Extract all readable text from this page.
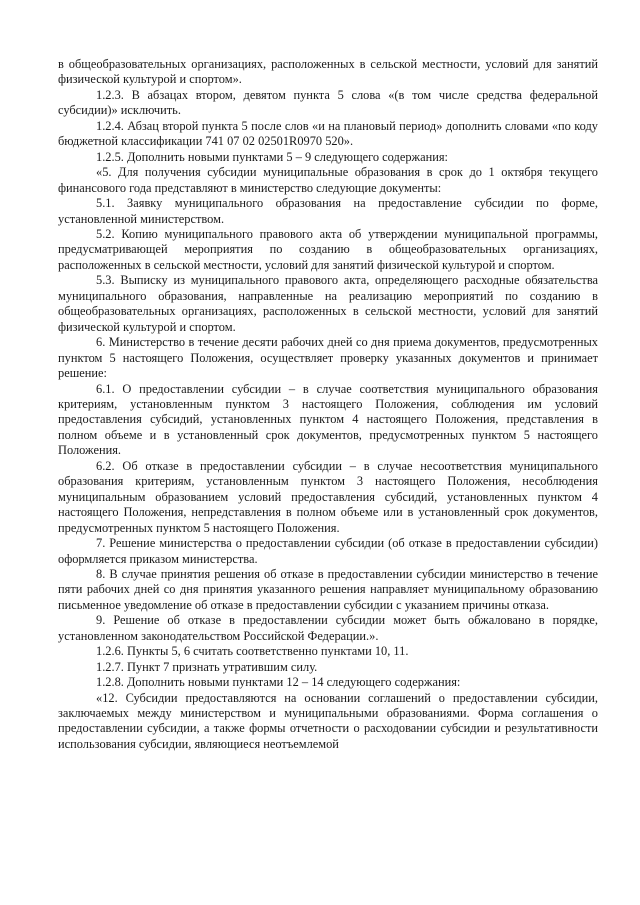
в общеобразовательных организациях, расположенных в сельской местности, условий для занятий физической культурой и спортом».

1.2.3. В абзацах втором, девятом пункта 5 слова «(в том числе средства федеральной субсидии)» исключить.

1.2.4. Абзац второй пункта 5 после слов «и на плановый период» дополнить словами «по коду бюджетной классификации 741 07 02 02501R0970 520».

1.2.5. Дополнить новыми пунктами 5 – 9 следующего содержания:

«5. Для получения субсидии муниципальные образования в срок до 1 октября текущего финансового года представляют в министерство следующие документы:

5.1. Заявку муниципального образования на предоставление субсидии по форме, установленной министерством.

5.2. Копию муниципального правового акта об утверждении муниципальной программы, предусматривающей мероприятия по созданию в общеобразовательных организациях, расположенных в сельской местности, условий для занятий физической культурой и спортом.

5.3. Выписку из муниципального правового акта, определяющего расходные обязательства муниципального образования, направленные на реализацию мероприятий по созданию в общеобразовательных организациях, расположенных в сельской местности, условий для занятий физической культурой и спортом.

6. Министерство в течение десяти рабочих дней со дня приема документов, предусмотренных пунктом 5 настоящего Положения, осуществляет проверку указанных документов и принимает решение:

6.1. О предоставлении субсидии – в случае соответствия муниципального образования критериям, установленным пунктом 3 настоящего Положения, соблюдения им условий предоставления субсидий, установленных пунктом 4 настоящего Положения, представления в полном объеме и в установленный срок документов, предусмотренных пунктом 5 настоящего Положения.

6.2. Об отказе в предоставлении субсидии – в случае несоответствия муниципального образования критериям, установленным пунктом 3 настоящего Положения, несоблюдения муниципальным образованием условий предоставления субсидий, установленных пунктом 4 настоящего Положения, непредставления в полном объеме или в установленный срок документов, предусмотренных пунктом 5 настоящего Положения.

7. Решение министерства о предоставлении субсидии (об отказе в предоставлении субсидии) оформляется приказом министерства.

8. В случае принятия решения об отказе в предоставлении субсидии министерство в течение пяти рабочих дней со дня принятия указанного решения направляет муниципальному образованию письменное уведомление об отказе в предоставлении субсидии с указанием причины отказа.

9. Решение об отказе в предоставлении субсидии может быть обжаловано в порядке, установленном законодательством Российской Федерации.».

1.2.6. Пункты 5, 6 считать соответственно пунктами 10, 11.

1.2.7. Пункт 7 признать утратившим силу.

1.2.8. Дополнить новыми пунктами 12 – 14 следующего содержания:

«12. Субсидии предоставляются на основании соглашений о предоставлении субсидии, заключаемых между министерством и муниципальными образованиями. Форма соглашения о предоставлении субсидии, а также формы отчетности о расходовании субсидии и результативности использования субсидии, являющиеся неотъемлемой
